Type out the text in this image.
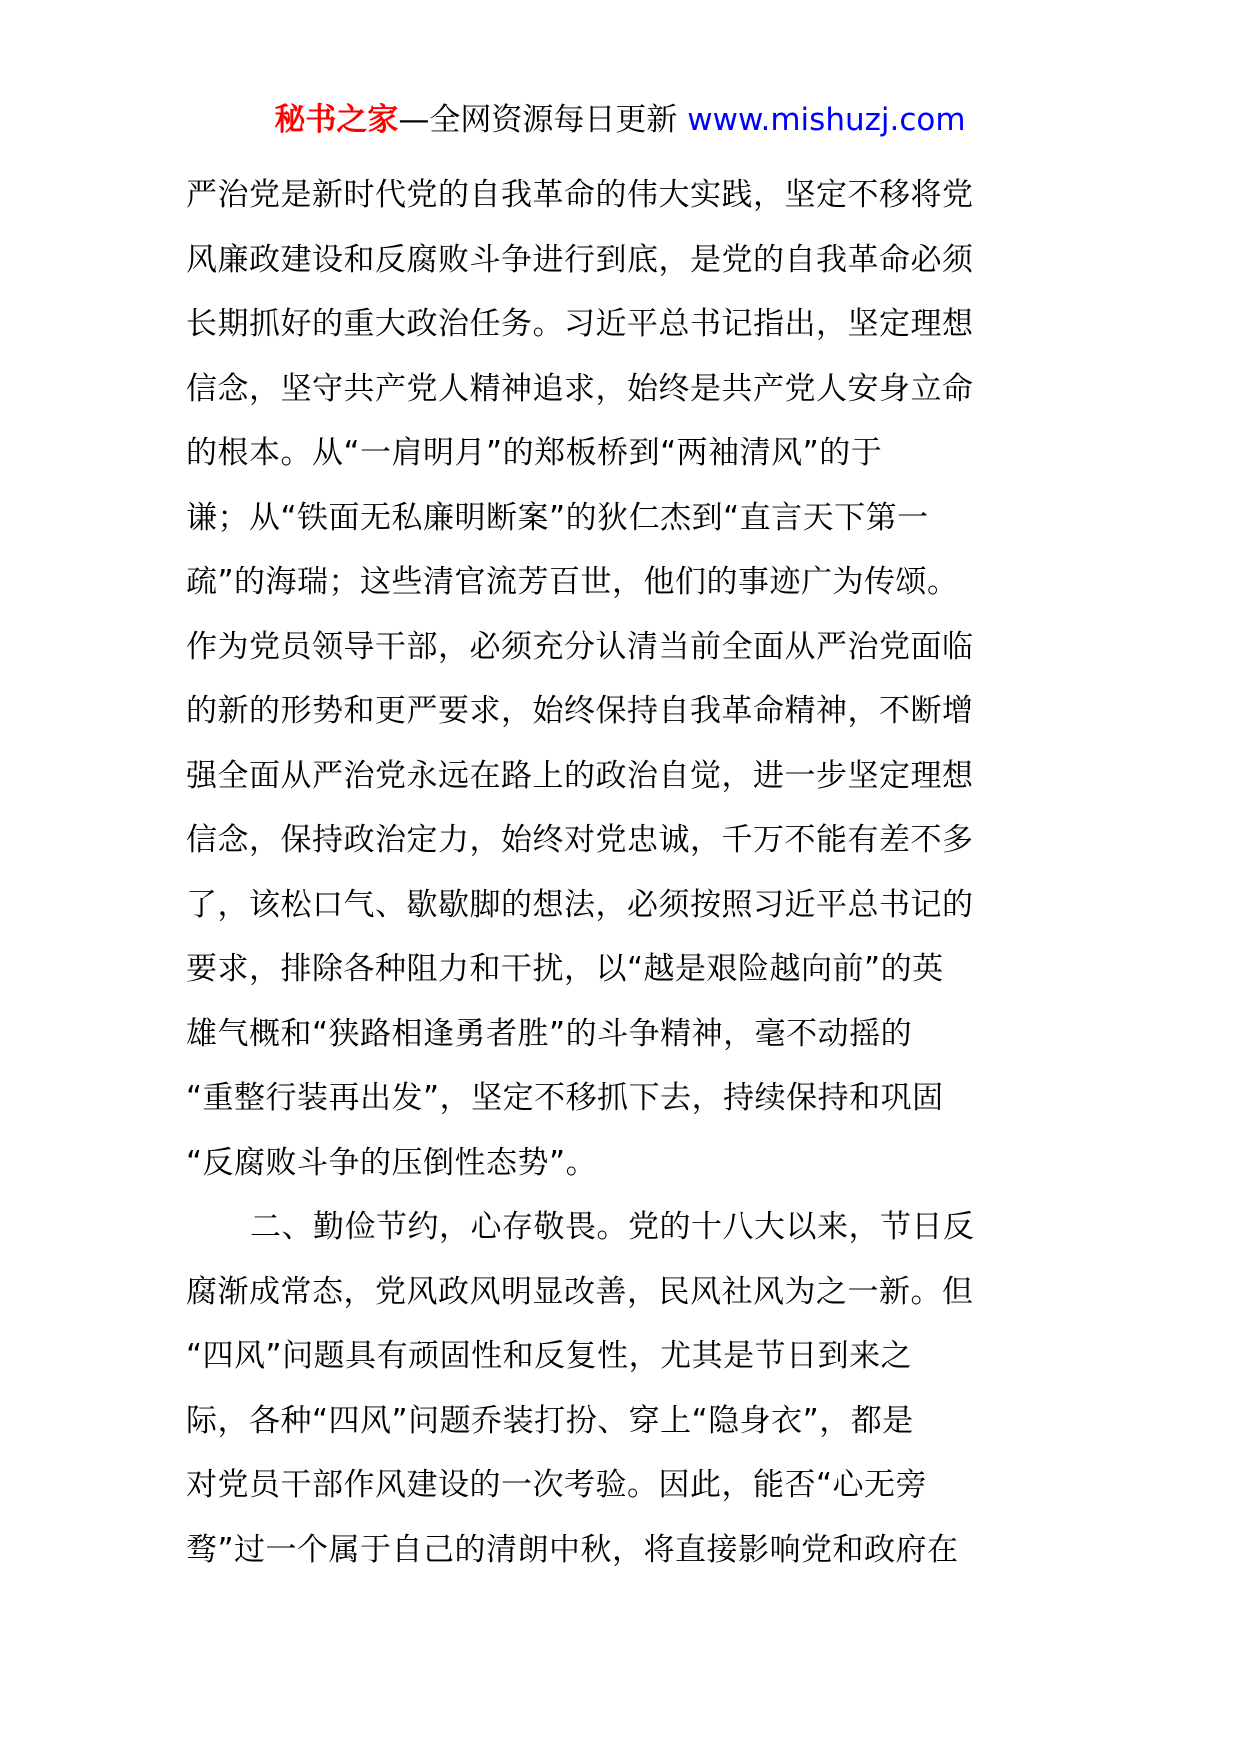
秘书之家—全网资源每日更新 www.mishuzj.com
严治党是新时代党的自我革命的伟大实践，坚定不移将党
风廉政建设和反腐败斗争进行到底，是党的自我革命必须
长期抓好的重大政治任务。习近平总书记指出，坚定理想
信念，坚守共产党人精神追求，始终是共产党人安身立命
的根本。从“一肩明月”的郑板桥到“两袖清风”的于
谦；从“铁面无私廉明断案”的狄仁杰到“直言天下第一
疏”的海瑞；这些清官流芳百世，他们的事迹广为传颂。
作为党员领导干部，必须充分认清当前全面从严治党面临
的新的形势和更严要求，始终保持自我革命精神，不断增
强全面从严治党永远在路上的政治自觉，进一步坚定理想
信念，保持政治定力，始终对党忠诚，千万不能有差不多
了，该松口气、歇歇脚的想法，必须按照习近平总书记的
要求，排除各种阻力和干扰，以“越是艰险越向前”的英
雄气概和“狭路相逢勇者胜”的斗争精神，毫不动摇的
“重整行装再出发”，坚定不移抓下去，持续保持和巩固
“反腐败斗争的压倒性态势”。
二、勤俭节约，心存敬畏。党的十八大以来，节日反
腐渐成常态，党风政风明显改善，民风社风为之一新。但
“四风”问题具有顽固性和反复性，尤其是节日到来之
际，各种“四风”问题乔装打扮、穿上“隐身衣”，都是
对党员干部作风建设的一次考验。因此，能否“心无旁
骛”过一个属于自己的清朗中秋，将直接影响党和政府在
